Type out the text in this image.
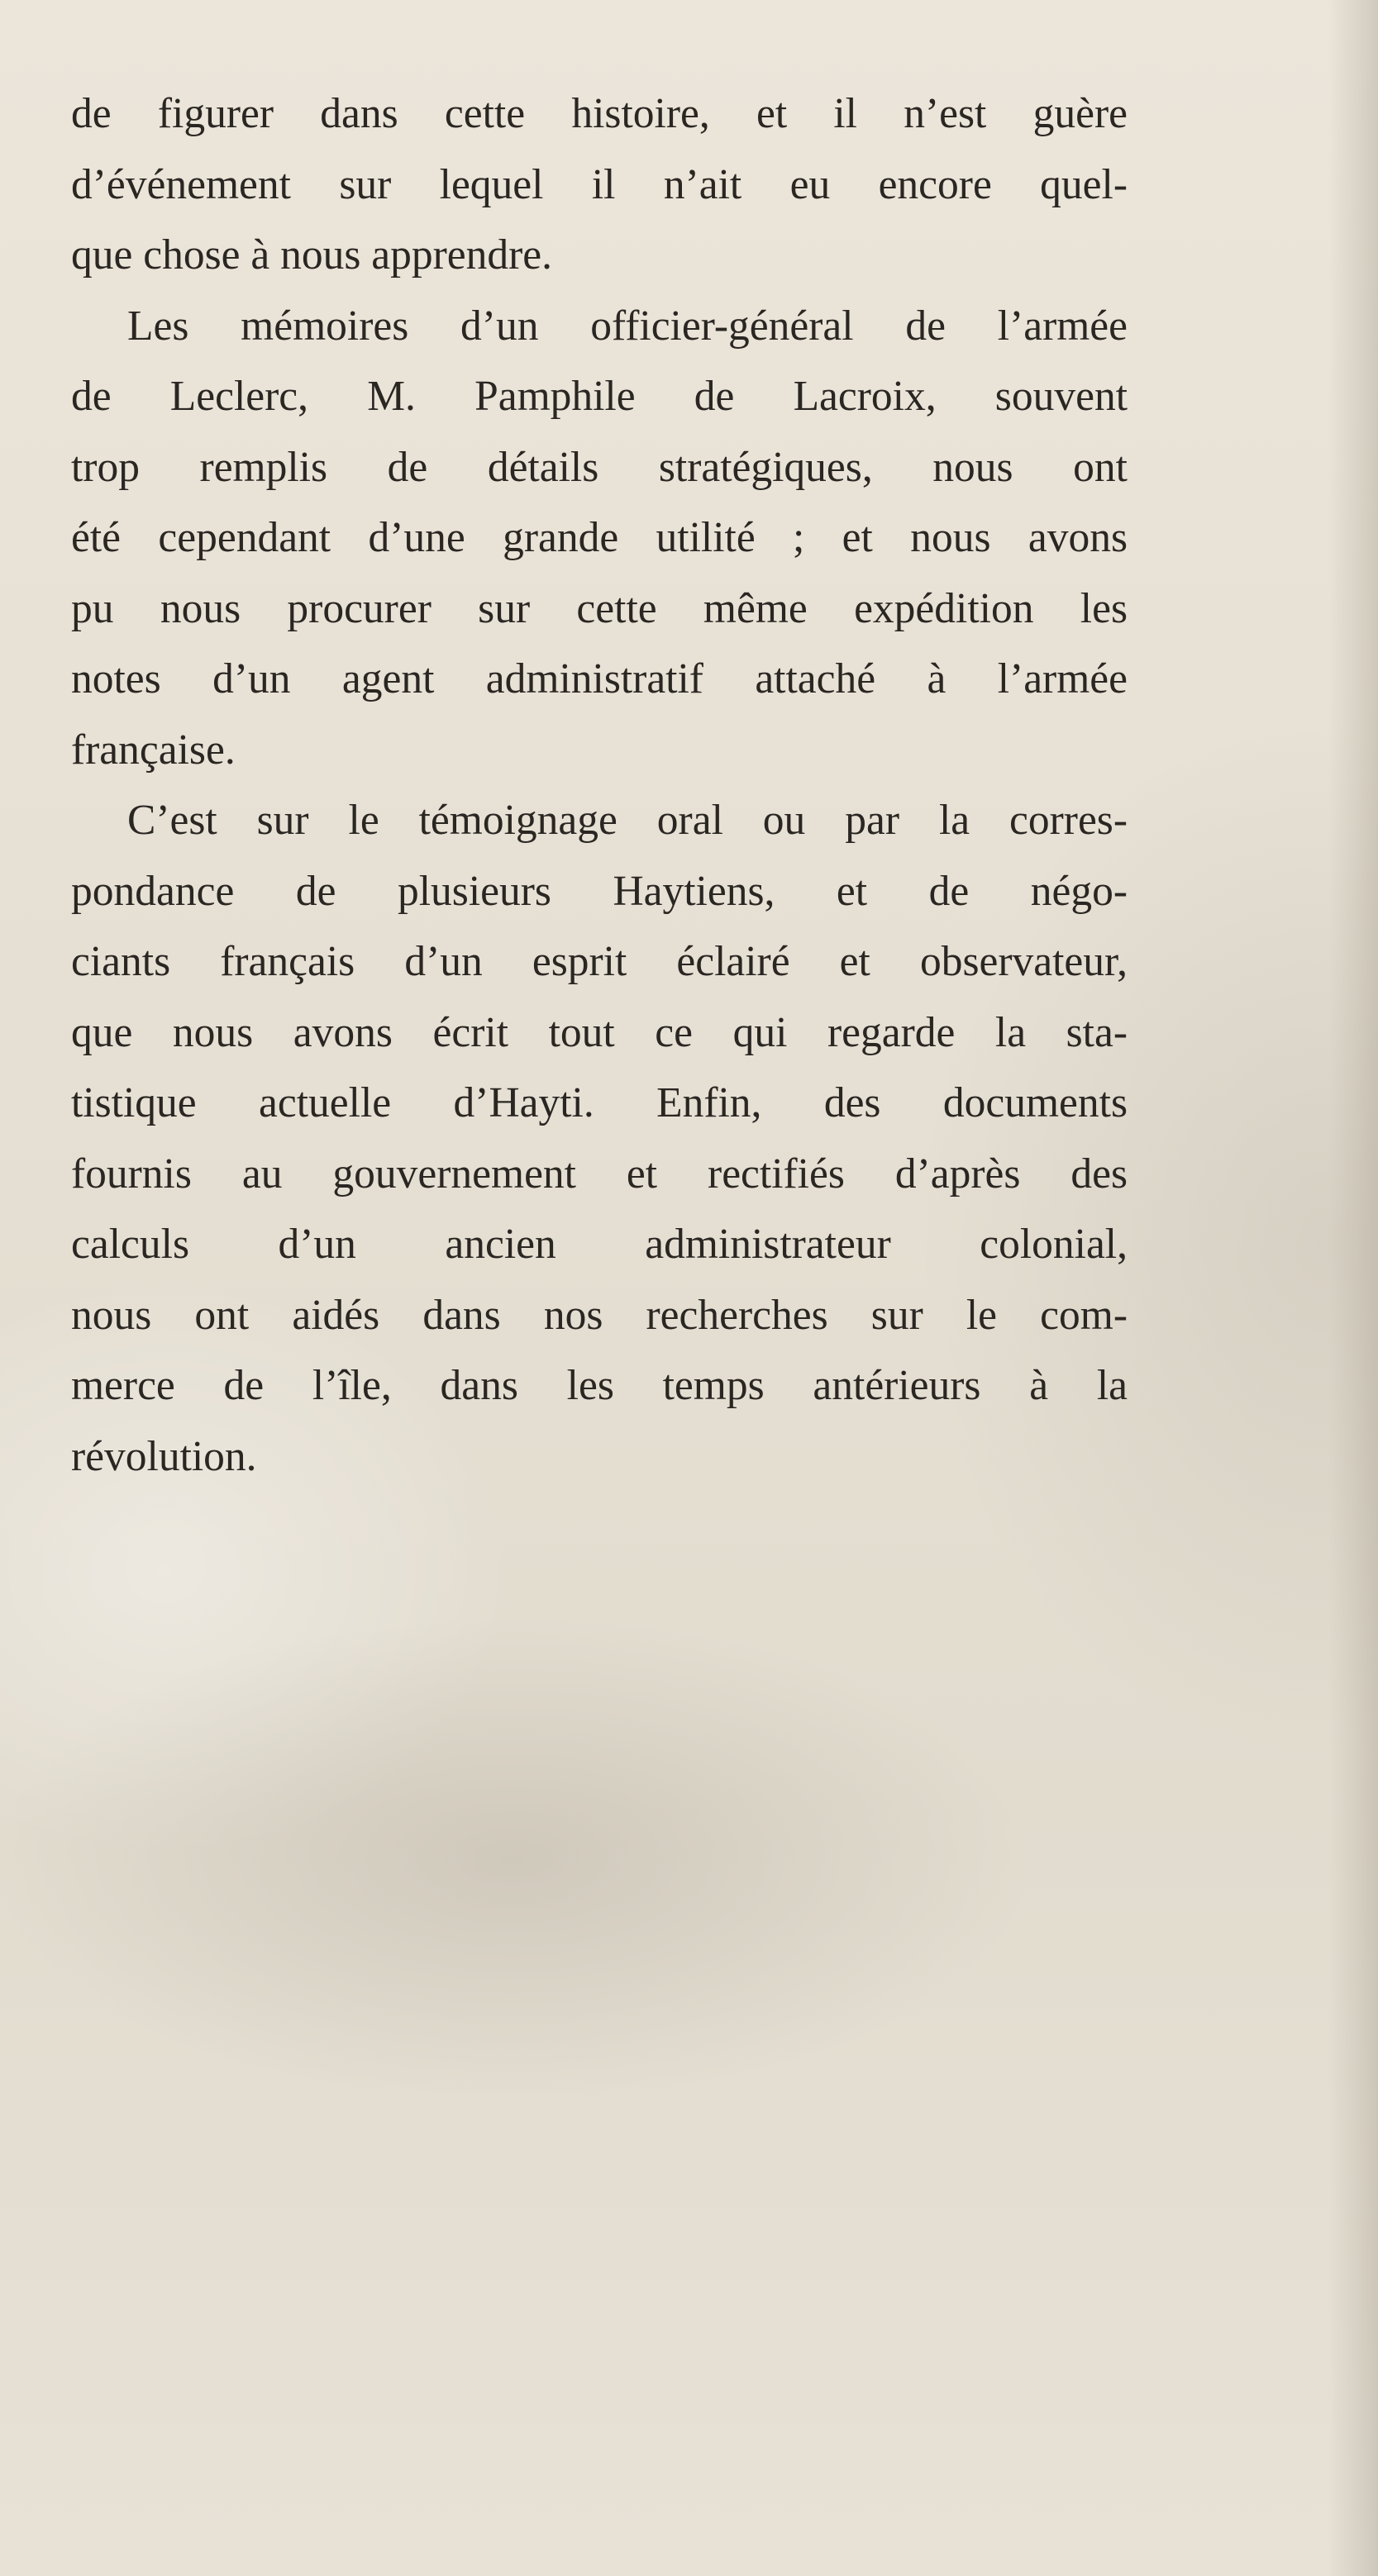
de figurer dans cette histoire, et il n’est guère
d’événement sur lequel il n’ait eu encore quel-
que chose à nous apprendre.

Les mémoires d’un officier-général de l’armée
de Leclerc, M. Pamphile de Lacroix, souvent
trop remplis de détails stratégiques, nous ont
été cependant d’une grande utilité ; et nous avons
pu nous procurer sur cette même expédition les
notes d’un agent administratif attaché à l’armée
française.

C’est sur le témoignage oral ou par la corres-
pondance de plusieurs Haytiens, et de négo-
ciants français d’un esprit éclairé et observateur,
que nous avons écrit tout ce qui regarde la sta-
tistique actuelle d’Hayti. Enfin, des documents
fournis au gouvernement et rectifiés d’après des
calculs d’un ancien administrateur colonial,
nous ont aidés dans nos recherches sur le com-
merce de l’île, dans les temps antérieurs à la
révolution.
